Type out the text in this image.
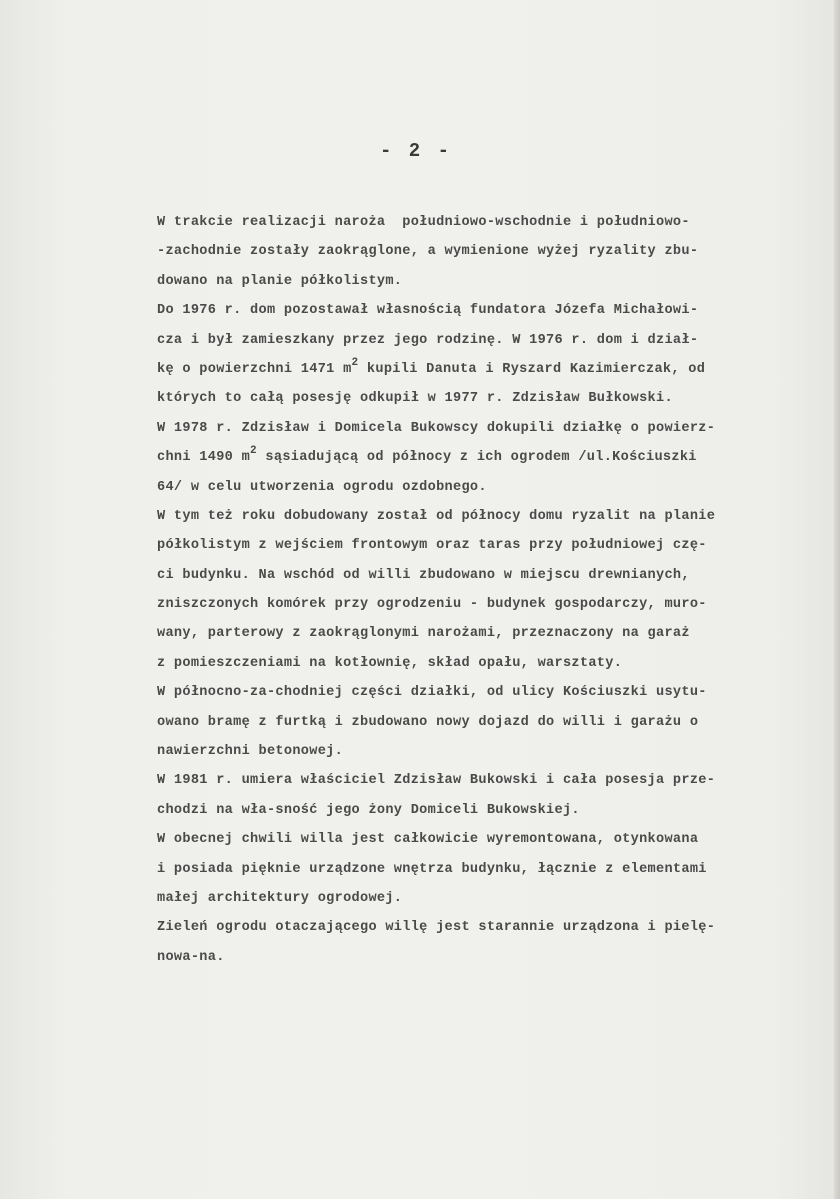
- 2 -
W trakcie realizacji naroża  południowo-wschodnie i południowo-
-zachodnie zostały zaokrąglone, a wymienione wyżej ryzality zbu-
dowano na planie półkolistym.
Do 1976 r. dom pozostawał własnością fundatora Józefa Michałowi-
cza i był zamieszkany przez jego rodzinę. W 1976 r. dom i dział-
kę o powierzchni 1471 $m^2$ kupili Danuta i Ryszard Kazimierczak, od
których to całą posesję odkupił w 1977 r. Zdzisław Bułkowski.
W 1978 r. Zdzisław i Domicela Bukowscy dokupili działkę o powierz-
chni 1490 $m^2$ sąsiadującą od północy z ich ogrodem /ul.Kościuszki
64/ w celu utworzenia ogrodu ozdobnego.
W tym też roku dobudowany został od północy domu ryzalit na planie
półkolistym z wejściem frontowym oraz taras przy południowej czę-
ci budynku. Na wschód od willi zbudowano w miejscu drewnianych,
zniszczonych komórek przy ogrodzeniu - budynek gospodarczy, muro-
wany, parterowy z zaokrąglonymi narożami, przeznaczony na garaż
z pomieszczeniami na kotłownię, skład opału, warsztaty.
W północno-za-chodniej części działki, od ulicy Kościuszki usytu-
owano bramę z furtką i zbudowano nowy dojazd do willi i garażu o
nawierzchni betonowej.
W 1981 r. umiera właściciel Zdzisław Bukowski i cała posesja prze-
chodzi na wła-sność jego żony Domiceli Bukowskiej.
W obecnej chwili willa jest całkowicie wyremontowana, otynkowana
i posiada pięknie urządzone wnętrza budynku, łącznie z elementami
małej architektury ogrodowej.
Zieleń ogrodu otaczającego willę jest starannie urządzona i pielę-
nowa-na.
